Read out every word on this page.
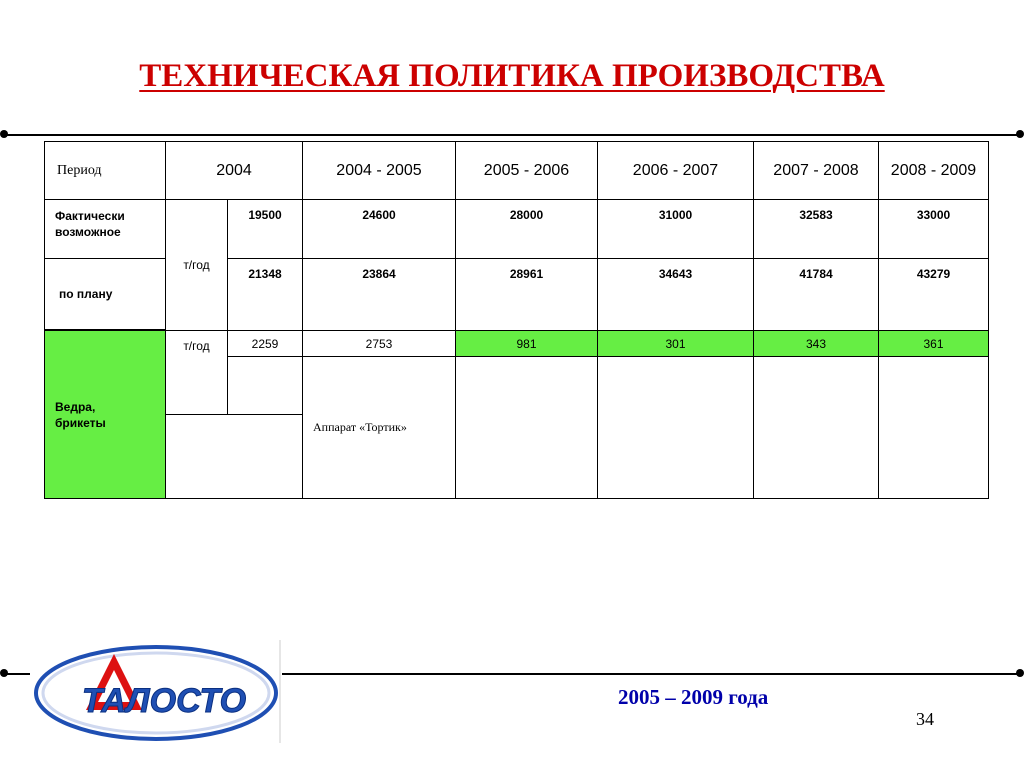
ТЕХНИЧЕСКАЯ ПОЛИТИКА ПРОИЗВОДСТВА
Период	2004		2004 - 2005	2005 - 2006	2006 - 2007	2007 - 2008	2008 - 2009	
Фактически возможное	т/год	19500	24600	28000	31000	32583	33000	
по плану		21348	23864	28961	34643	41784	43279	

Ведра, брикеты	т/год	2259	2753	981	301	343	361	
			Аппарат «Тортик»					

ТАЛОСТО	2005 – 2009 года
34
